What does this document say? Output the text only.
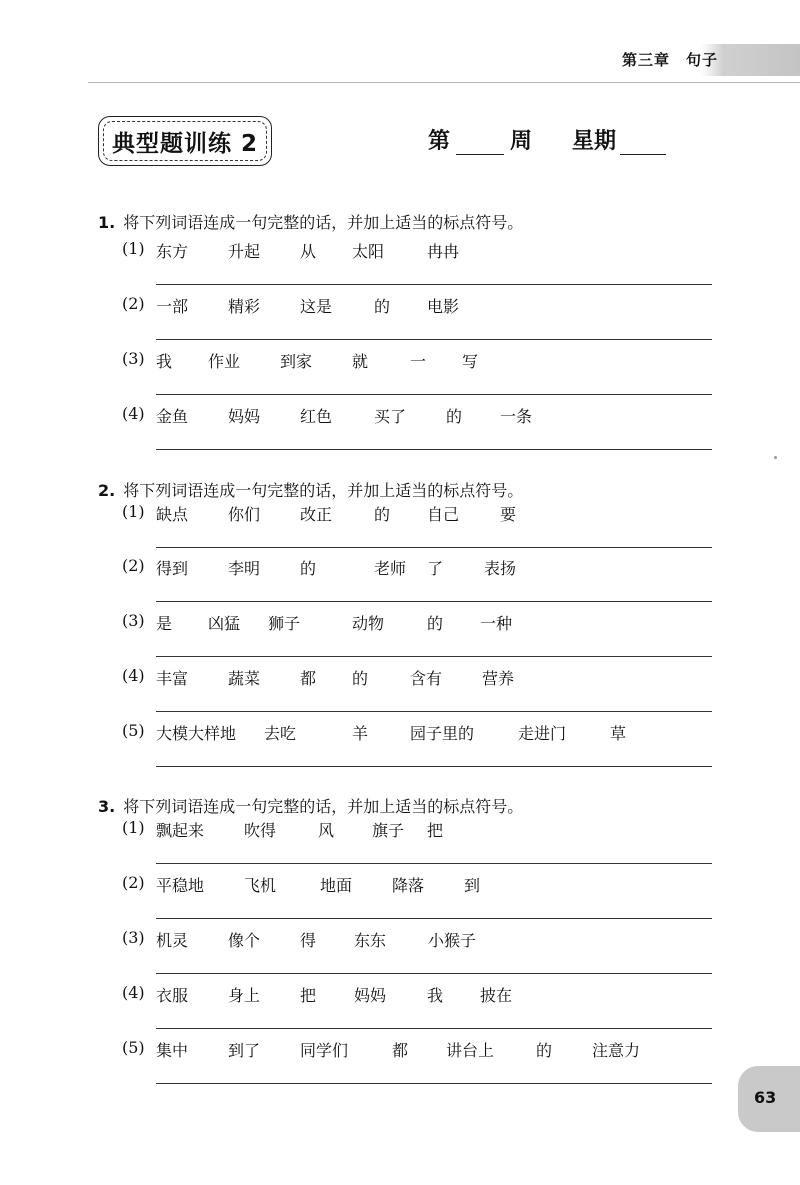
第三章　句子
典型题训练 2	第	周 星期
1. 将下列词语连成一句完整的话，并加上适当的标点符号。
(1) 东方 升起 从 太阳	冉冉
(2) 一部 精彩 这是	的 电影
(3) 我 作业 到家 就	一 写
(4) 金鱼 妈妈 红色	买了 的 一条
2. 将下列词语连成一句完整的话，并加上适当的标点符号。
(1) 缺点 你们 改正	的 自己	要
(2) 得到 李明 的	老师 了	表扬
(3) 是 凶猛 狮子	动物	的 一种
(4) 丰富 蔬菜 都 的	含有 营养
(5) 大模大样地 去吃	羊	园子里的	走进门	草
3. 将下列词语连成一句完整的话，并加上适当的标点符号。
(1) 飘起来 吹得	风 旗子 把
(2) 平稳地 飞机	地面 降落 到
(3) 机灵 像个 得 东东	小猴子
(4) 衣服 身上 把 妈妈	我 披在
(5) 集中 到了 同学们	都 讲台上	的 注意力
63
